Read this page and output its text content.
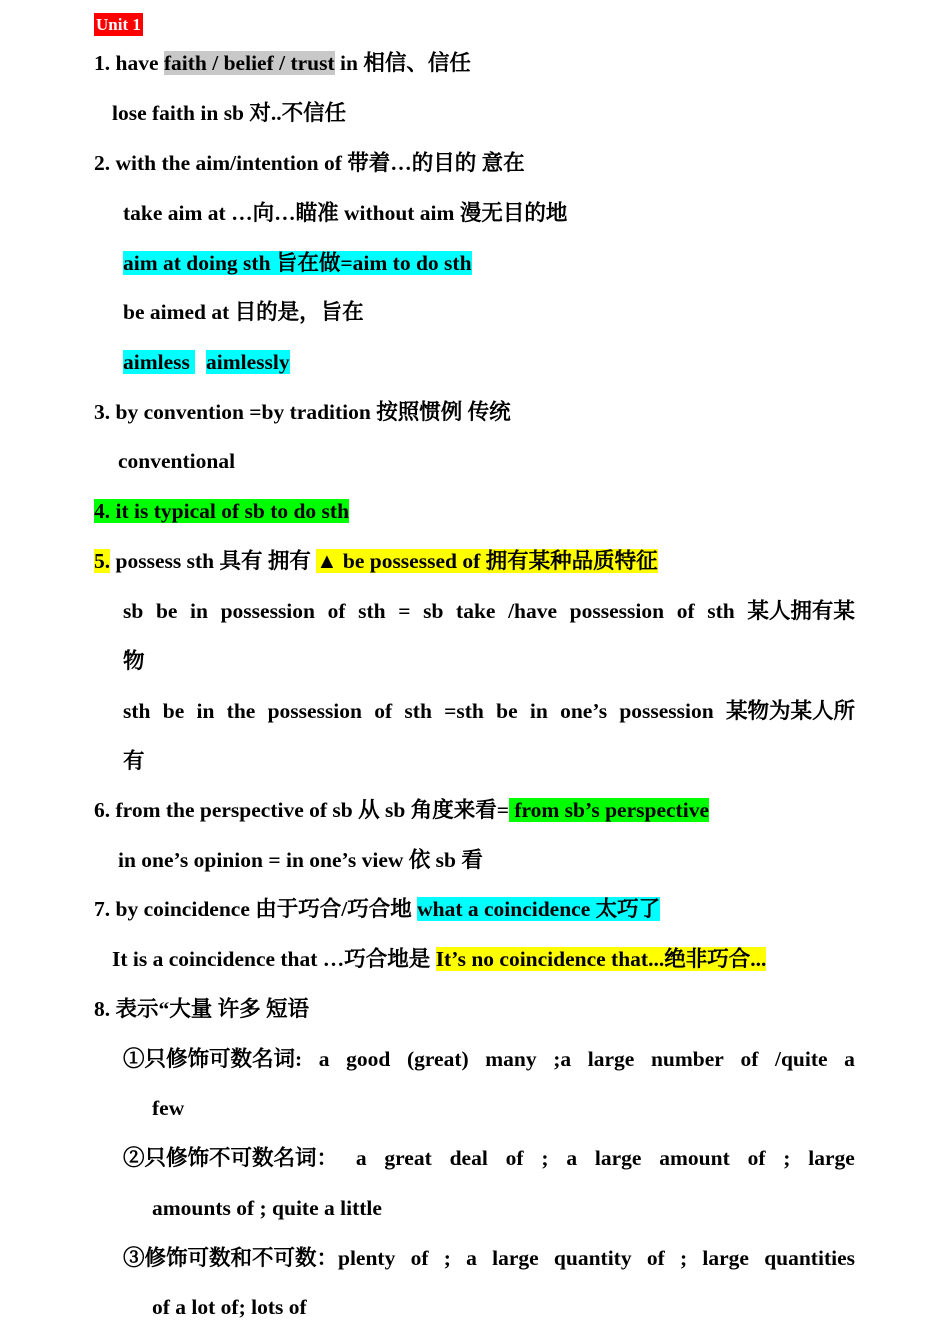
Unit 1
1. have faith / belief / trust in 相信、信任
lose faith in sb 对..不信任
2. with the aim/intention of 带着…的目的 意在
take aim at …向…瞄准 without aim 漫无目的地
aim at doing sth 旨在做=aim to do sth
be aimed at 目的是，旨在
aimless   aimlessly
3. by convention =by tradition 按照惯例 传统
conventional
4. it is typical of sb to do sth
5. possess sth 具有 拥有 ▲ be possessed of 拥有某种品质特征
sb be in possession of sth = sb take /have possession of sth 某人拥有某
物
sth be in the possession of sth =sth be in one’s possession 某物为某人所
有
6. from the perspective of sb 从 sb 角度来看= from sb’s perspective
in one’s opinion = in one’s view 依 sb 看
7. by coincidence 由于巧合/巧合地 what a coincidence 太巧了
It is a coincidence that …巧合地是 It’s no coincidence that...绝非巧合...
8. 表示“大量 许多 短语
①只修饰可数名词: a good (great) many ;a large number of /quite a
few
②只修饰不可数名词： a great deal of ; a large amount of ; large
amounts of ; quite a little
③修饰可数和不可数：plenty of ; a large quantity of ; large quantities
of a lot of; lots of
